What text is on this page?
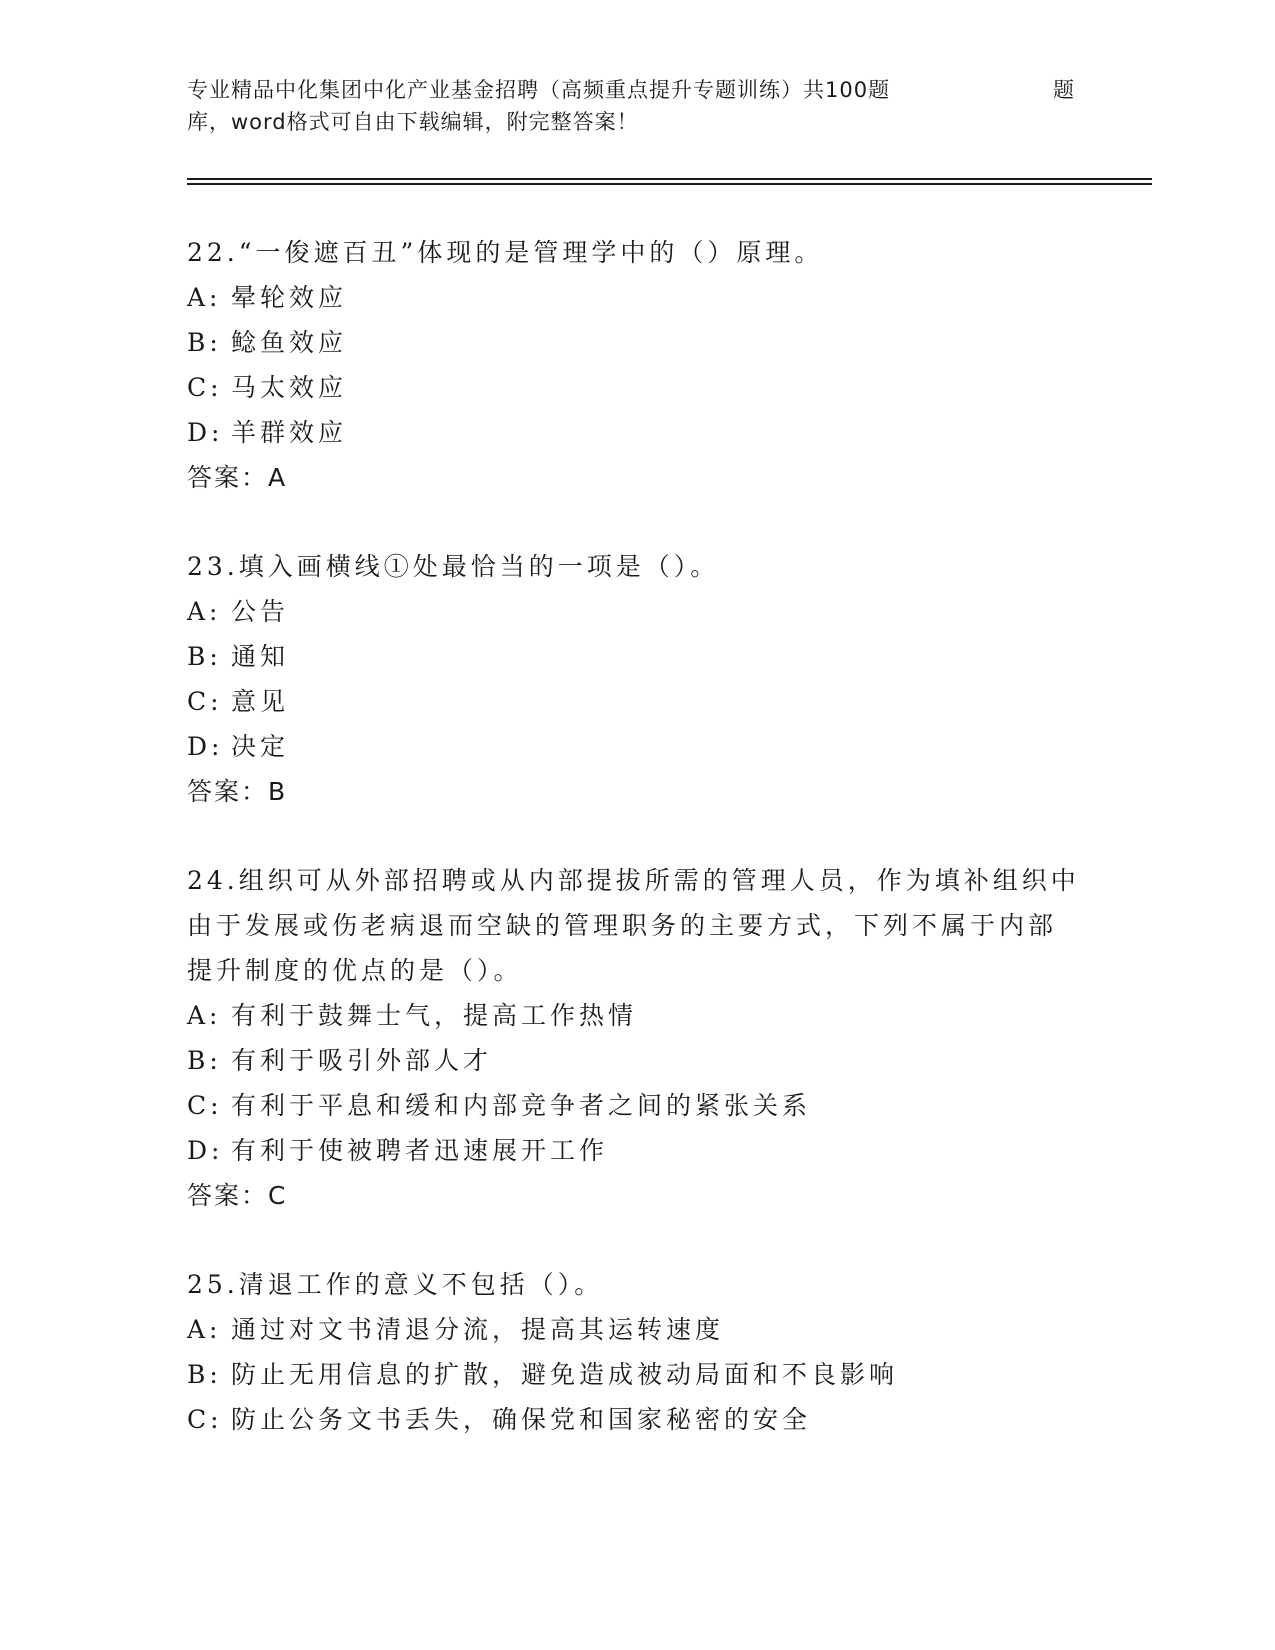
专业精品中化集团中化产业基金招聘（高频重点提升专题训练）共100题
库，word格式可自由下载编辑，附完整答案！
题
22.“一俊遮百丑”体现的是管理学中的（）原理。
A: 晕轮效应
B: 鲶鱼效应
C: 马太效应
D: 羊群效应
答案：A
23.填入画横线①处最恰当的一项是（）。
A: 公告
B: 通知
C: 意见
D: 决定
答案：B
24.组织可从外部招聘或从内部提拔所需的管理人员，作为填补组织中
由于发展或伤老病退而空缺的管理职务的主要方式，下列不属于内部
提升制度的优点的是（）。
A: 有利于鼓舞士气，提高工作热情
B: 有利于吸引外部人才
C: 有利于平息和缓和内部竞争者之间的紧张关系
D: 有利于使被聘者迅速展开工作
答案：C
25.清退工作的意义不包括（）。
A: 通过对文书清退分流，提高其运转速度
B: 防止无用信息的扩散，避免造成被动局面和不良影响
C: 防止公务文书丢失，确保党和国家秘密的安全
